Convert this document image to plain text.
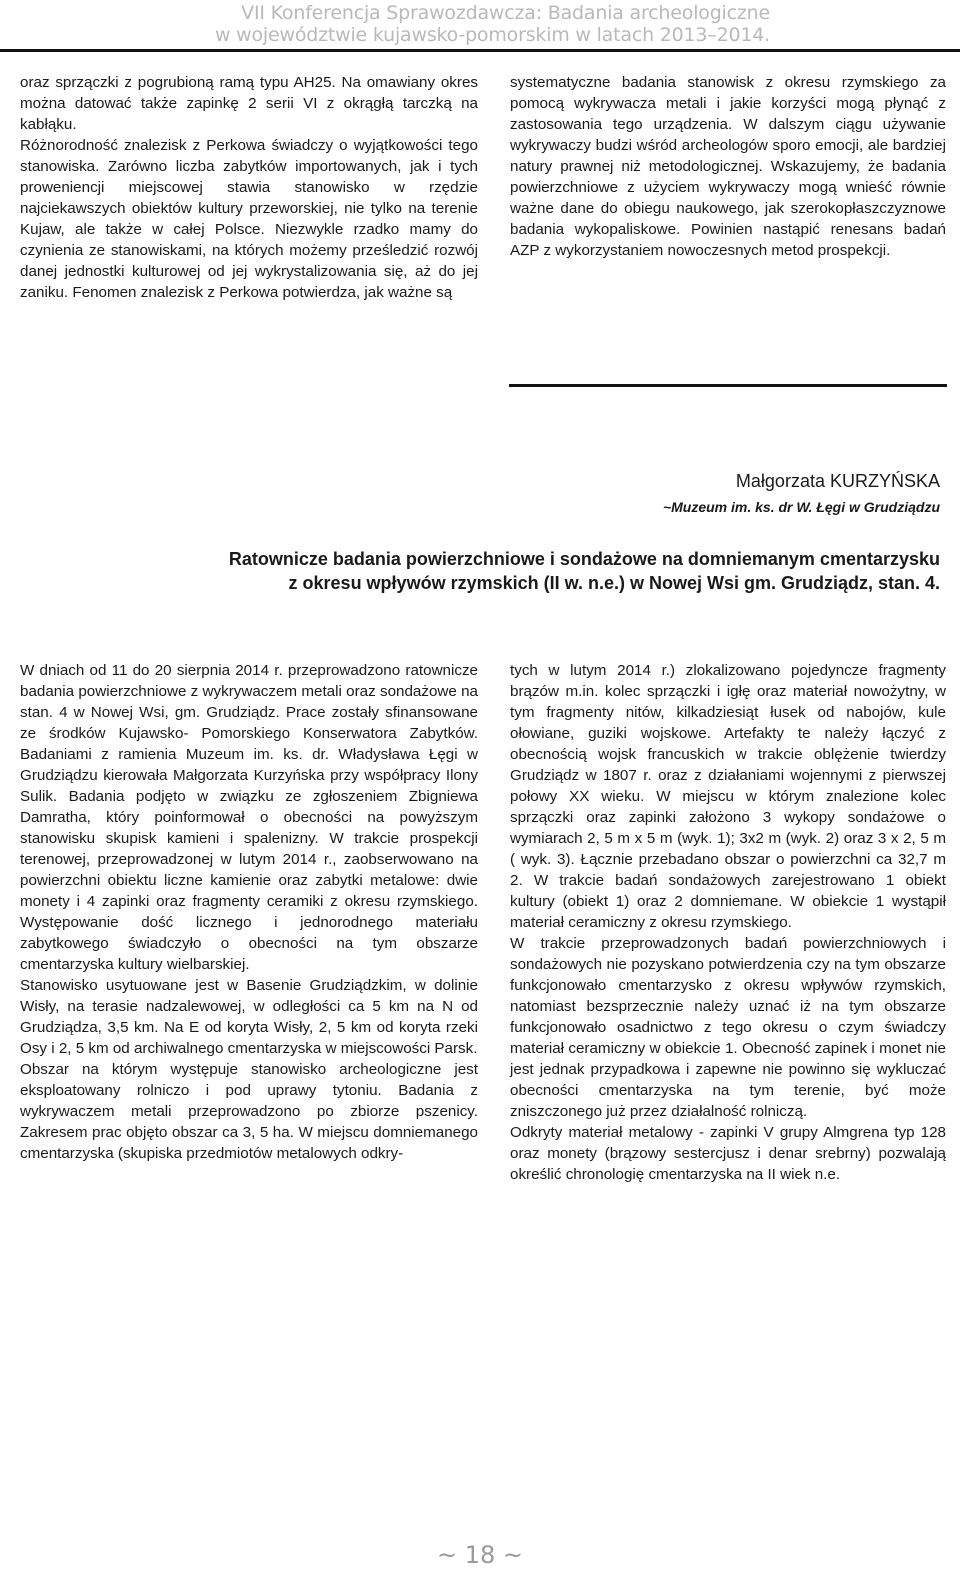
VII Konferencja Sprawozdawcza: Badania archeologiczne
w województwie kujawsko-pomorskim w latach 2013–2014.

oraz sprzączki z pogrubioną ramą typu AH25. Na omawiany okres można datować także zapinkę 2 serii VI z okrągłą tarczką na kabłąku.

Różnorodność znalezisk z Perkowa świadczy o wyjątkowości tego stanowiska. Zarówno liczba zabytków importowanych, jak i tych proweniencji miejscowej stawia stanowisko w rzędzie najciekawszych obiektów kultury przeworskiej, nie tylko na terenie Kujaw, ale także w całej Polsce. Niezwykle rzadko mamy do czynienia ze stanowiskami, na których możemy prześledzić rozwój danej jednostki kulturowej od jej wykrystalizowania się, aż do jej zaniku. Fenomen znalezisk z Perkowa potwierdza, jak ważne są

systematyczne badania stanowisk z okresu rzymskiego za pomocą wykrywacza metali i jakie korzyści mogą płynąć z zastosowania tego urządzenia. W dalszym ciągu używanie wykrywaczy budzi wśród archeologów sporo emocji, ale bardziej natury prawnej niż metodologicznej. Wskazujemy, że badania powierzchniowe z użyciem wykrywaczy mogą wnieść równie ważne dane do obiegu naukowego, jak szerokopłaszczyznowe badania wykopaliskowe. Powinien nastąpić renesans badań AZP z wykorzystaniem nowoczesnych metod prospekcji.

Małgorzata KURZYŃSKA
~Muzeum im. ks. dr W. Łęgi w Grudziądzu
Ratownicze badania powierzchniowe i sondażowe na domniemanym cmentarzysku
z okresu wpływów rzymskich (II w. n.e.) w Nowej Wsi gm. Grudziądz, stan. 4.

W dniach od 11 do 20 sierpnia 2014 r. przeprowadzono ratownicze badania powierzchniowe z wykrywaczem metali oraz sondażowe na stan. 4 w Nowej Wsi, gm. Grudziądz. Prace zostały sfinansowane ze środków Kujawsko- Pomorskiego Konserwatora Zabytków. Badaniami z ramienia Muzeum im. ks. dr. Władysława Łęgi w Grudziądzu kierowała Małgorzata Kurzyńska przy współpracy Ilony Sulik. Badania podjęto w związku ze zgłoszeniem Zbigniewa Damratha, który poinformował o obecności na powyższym stanowisku skupisk kamieni i spalenizny. W trakcie prospekcji terenowej, przeprowadzonej w lutym 2014 r., zaobserwowano na powierzchni obiektu liczne kamienie oraz zabytki metalowe: dwie monety i 4 zapinki oraz fragmenty ceramiki z okresu rzymskiego. Występowanie dość licznego i jednorodnego materiału zabytkowego świadczyło o obecności na tym obszarze cmentarzyska kultury wielbarskiej.

Stanowisko usytuowane jest w Basenie Grudziądzkim, w dolinie Wisły, na terasie nadzalewowej, w odległości ca 5 km na N od Grudziądza, 3,5 km. Na E od koryta Wisły, 2, 5 km od koryta rzeki Osy i 2, 5 km od archiwalnego cmentarzyska w miejscowości Parsk.

Obszar na którym występuje stanowisko archeologiczne jest eksploatowany rolniczo i pod uprawy tytoniu. Badania z wykrywaczem metali przeprowadzono po zbiorze pszenicy. Zakresem prac objęto obszar ca 3, 5 ha. W miejscu domniemanego cmentarzyska (skupiska przedmiotów metalowych odkry-

tych w lutym 2014 r.) zlokalizowano pojedyncze fragmenty brązów m.in. kolec sprzączki i igłę oraz materiał nowożytny, w tym fragmenty nitów, kilkadziesiąt łusek od nabojów, kule ołowiane, guziki wojskowe. Artefakty te należy łączyć z obecnością wojsk francuskich w trakcie oblężenie twierdzy Grudziądz w 1807 r. oraz z działaniami wojennymi z pierwszej połowy XX wieku. W miejscu w którym znalezione kolec sprzączki oraz zapinki założono 3 wykopy sondażowe o wymiarach 2, 5 m x 5 m (wyk. 1); 3x2 m (wyk. 2) oraz 3 x 2, 5 m ( wyk. 3). Łącznie przebadano obszar o powierzchni ca 32,7 m 2. W trakcie badań sondażowych zarejestrowano 1 obiekt kultury (obiekt 1) oraz 2 domniemane. W obiekcie 1 wystąpił materiał ceramiczny z okresu rzymskiego.

W trakcie przeprowadzonych badań powierzchniowych i sondażowych nie pozyskano potwierdzenia czy na tym obszarze funkcjonowało cmentarzysko z okresu wpływów rzymskich, natomiast bezsprzecznie należy uznać iż na tym obszarze funkcjonowało osadnictwo z tego okresu o czym świadczy materiał ceramiczny w obiekcie 1. Obecność zapinek i monet nie jest jednak przypadkowa i zapewne nie powinno się wykluczać obecności cmentarzyska na tym terenie, być może zniszczonego już przez działalność rolniczą.

Odkryty materiał metalowy - zapinki V grupy Almgrena typ 128 oraz monety (brązowy sestercjusz i denar srebrny) pozwalają określić chronologię cmentarzyska na II wiek n.e.

~ 18 ~
